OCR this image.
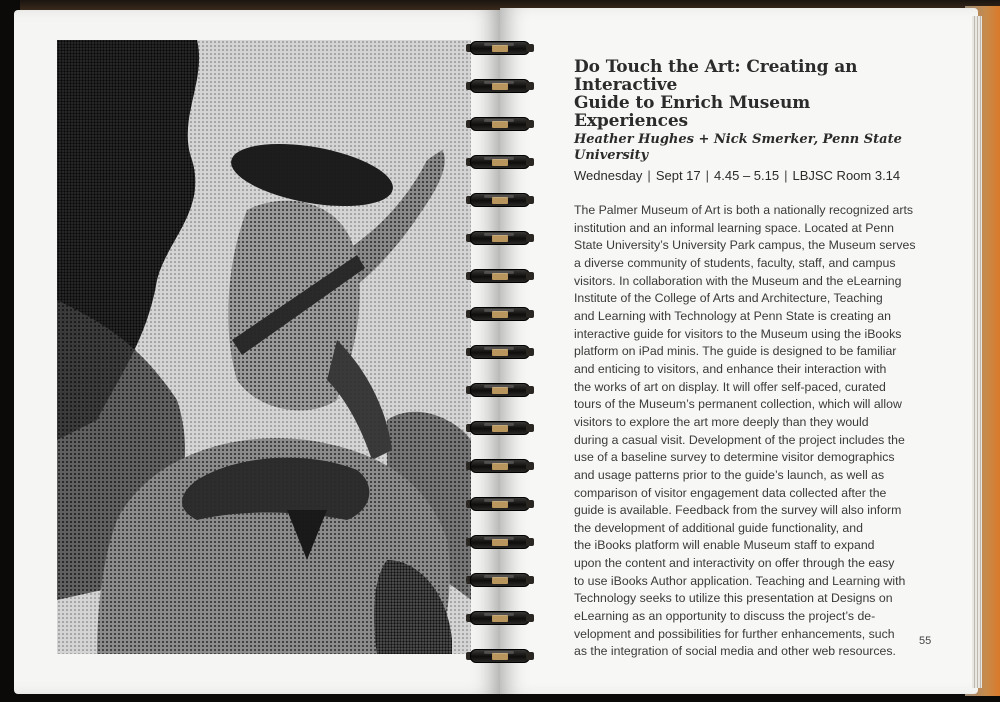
Do Touch the Art: Creating an Interactive
Guide to Enrich Museum Experiences
Heather Hughes + Nick Smerker, Penn State University
Wednesday | Sept 17 | 4.45 – 5.15 | LBJSC Room 3.14

The Palmer Museum of Art is both a nationally recognized arts
institution and an informal learning space. Located at Penn
State University’s University Park campus, the Museum serves
a diverse community of students, faculty, staff, and campus
visitors. In collaboration with the Museum and the eLearning
Institute of the College of Arts and Architecture, Teaching
and Learning with Technology at Penn State is creating an
interactive guide for visitors to the Museum using the iBooks
platform on iPad minis. The guide is designed to be familiar
and enticing to visitors, and enhance their interaction with
the works of art on display. It will offer self-paced, curated
tours of the Museum’s permanent collection, which will allow
visitors to explore the art more deeply than they would
during a casual visit. Development of the project includes the
use of a baseline survey to determine visitor demographics
and usage patterns prior to the guide’s launch, as well as
comparison of visitor engagement data collected after the
guide is available. Feedback from the survey will also inform
the development of additional guide functionality, and
the iBooks platform will enable Museum staff to expand
upon the content and interactivity on offer through the easy
to use iBooks Author application. Teaching and Learning with
Technology seeks to utilize this presentation at Designs on
eLearning as an opportunity to discuss the project’s de-
velopment and possibilities for further enhancements, such
as the integration of social media and other web resources.

55
